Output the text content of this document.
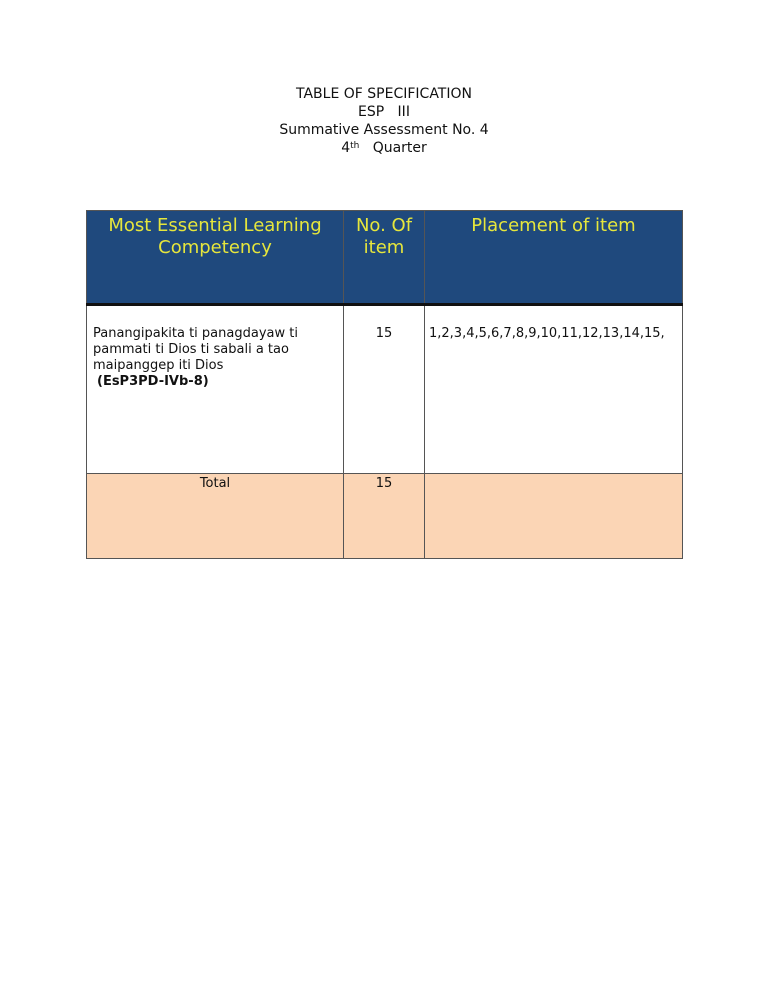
TABLE OF SPECIFICATION
ESP   III
Summative Assessment No. 4
4th Quarter
Most Essential Learning Competency	No. Of item	Placement of item
Panangipakita ti panagdayaw ti pammati ti Dios ti sabali a tao maipanggep iti Dios
(EsP3PD-IVb-8)	15	1,2,3,4,5,6,7,8,9,10,11,12,13,14,15,
Total	15	
